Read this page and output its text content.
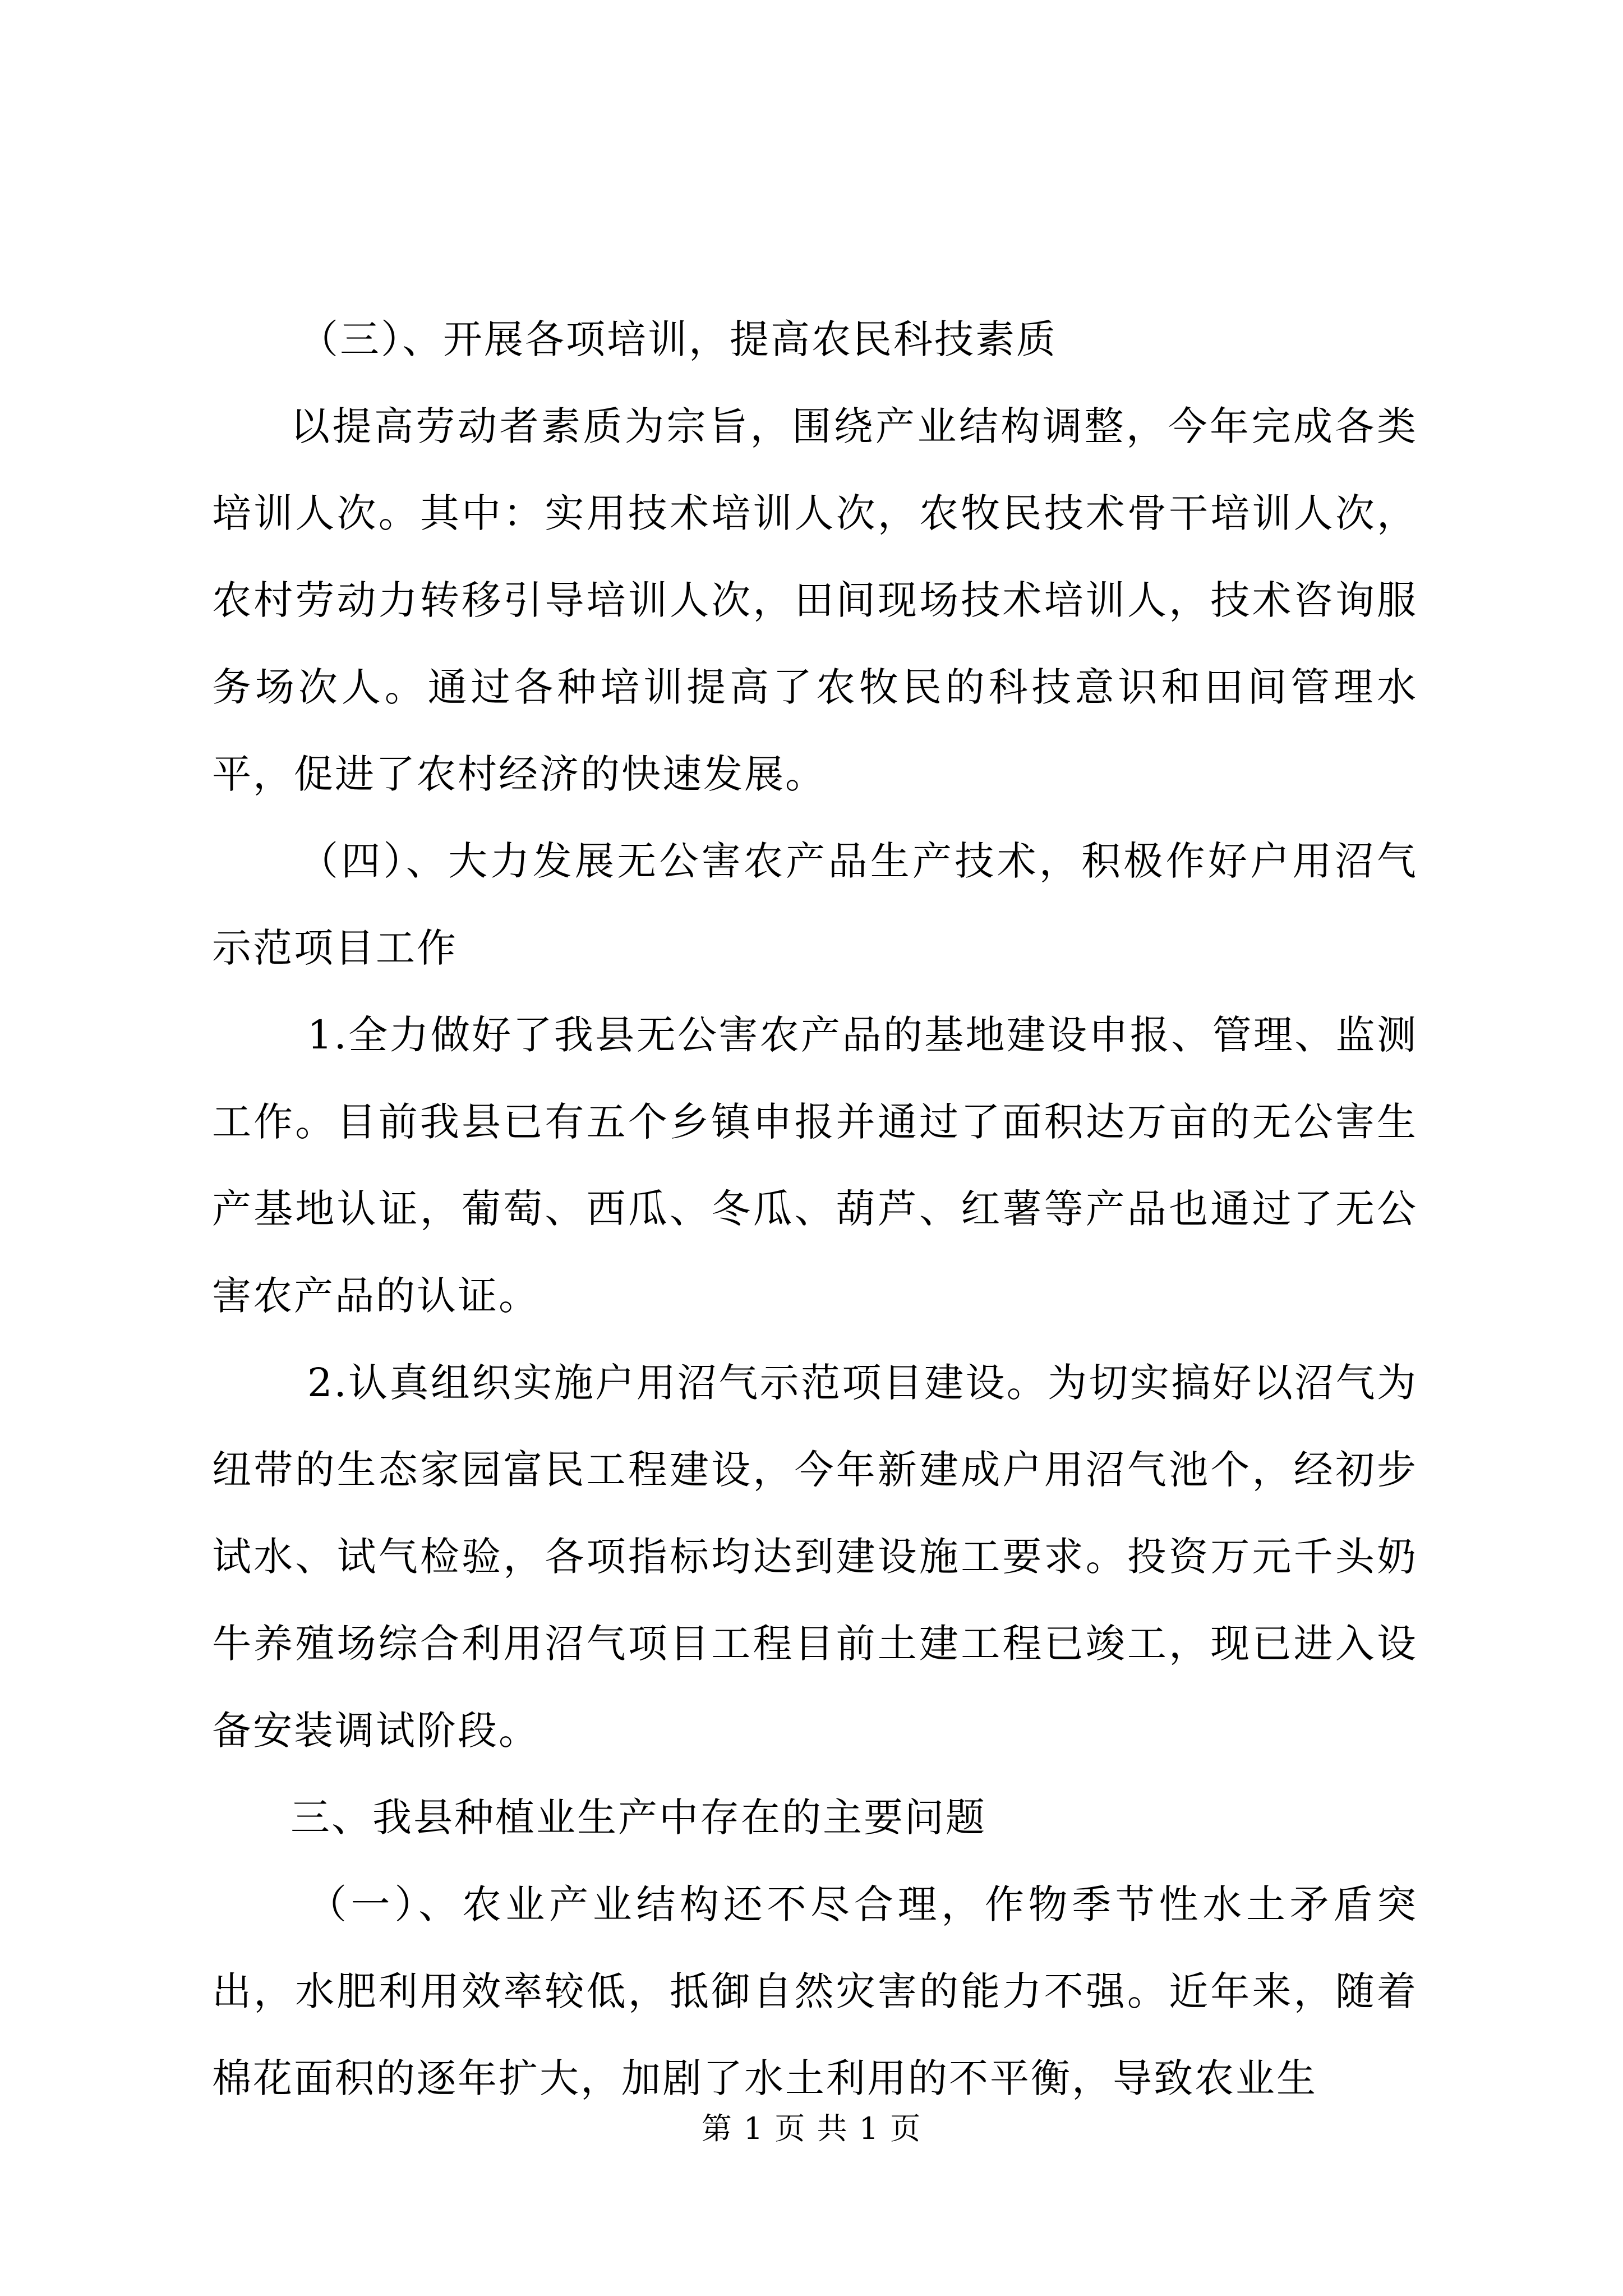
（三）、开展各项培训，提高农民科技素质

以提高劳动者素质为宗旨，围绕产业结构调整，今年完成各类培训人次。其中：实用技术培训人次，农牧民技术骨干培训人次，农村劳动力转移引导培训人次，田间现场技术培训人，技术咨询服务场次人。通过各种培训提高了农牧民的科技意识和田间管理水平，促进了农村经济的快速发展。

（四）、大力发展无公害农产品生产技术，积极作好户用沼气示范项目工作

1.全力做好了我县无公害农产品的基地建设申报、管理、监测工作。目前我县已有五个乡镇申报并通过了面积达万亩的无公害生产基地认证，葡萄、西瓜、冬瓜、葫芦、红薯等产品也通过了无公害农产品的认证。

2.认真组织实施户用沼气示范项目建设。为切实搞好以沼气为纽带的生态家园富民工程建设，今年新建成户用沼气池个，经初步试水、试气检验，各项指标均达到建设施工要求。投资万元千头奶牛养殖场综合利用沼气项目工程目前土建工程已竣工，现已进入设备安装调试阶段。

三、我县种植业生产中存在的主要问题

（一）、农业产业结构还不尽合理，作物季节性水土矛盾突出，水肥利用效率较低，抵御自然灾害的能力不强。近年来，随着棉花面积的逐年扩大，加剧了水土利用的不平衡，导致农业生

第 1 页 共 1 页
